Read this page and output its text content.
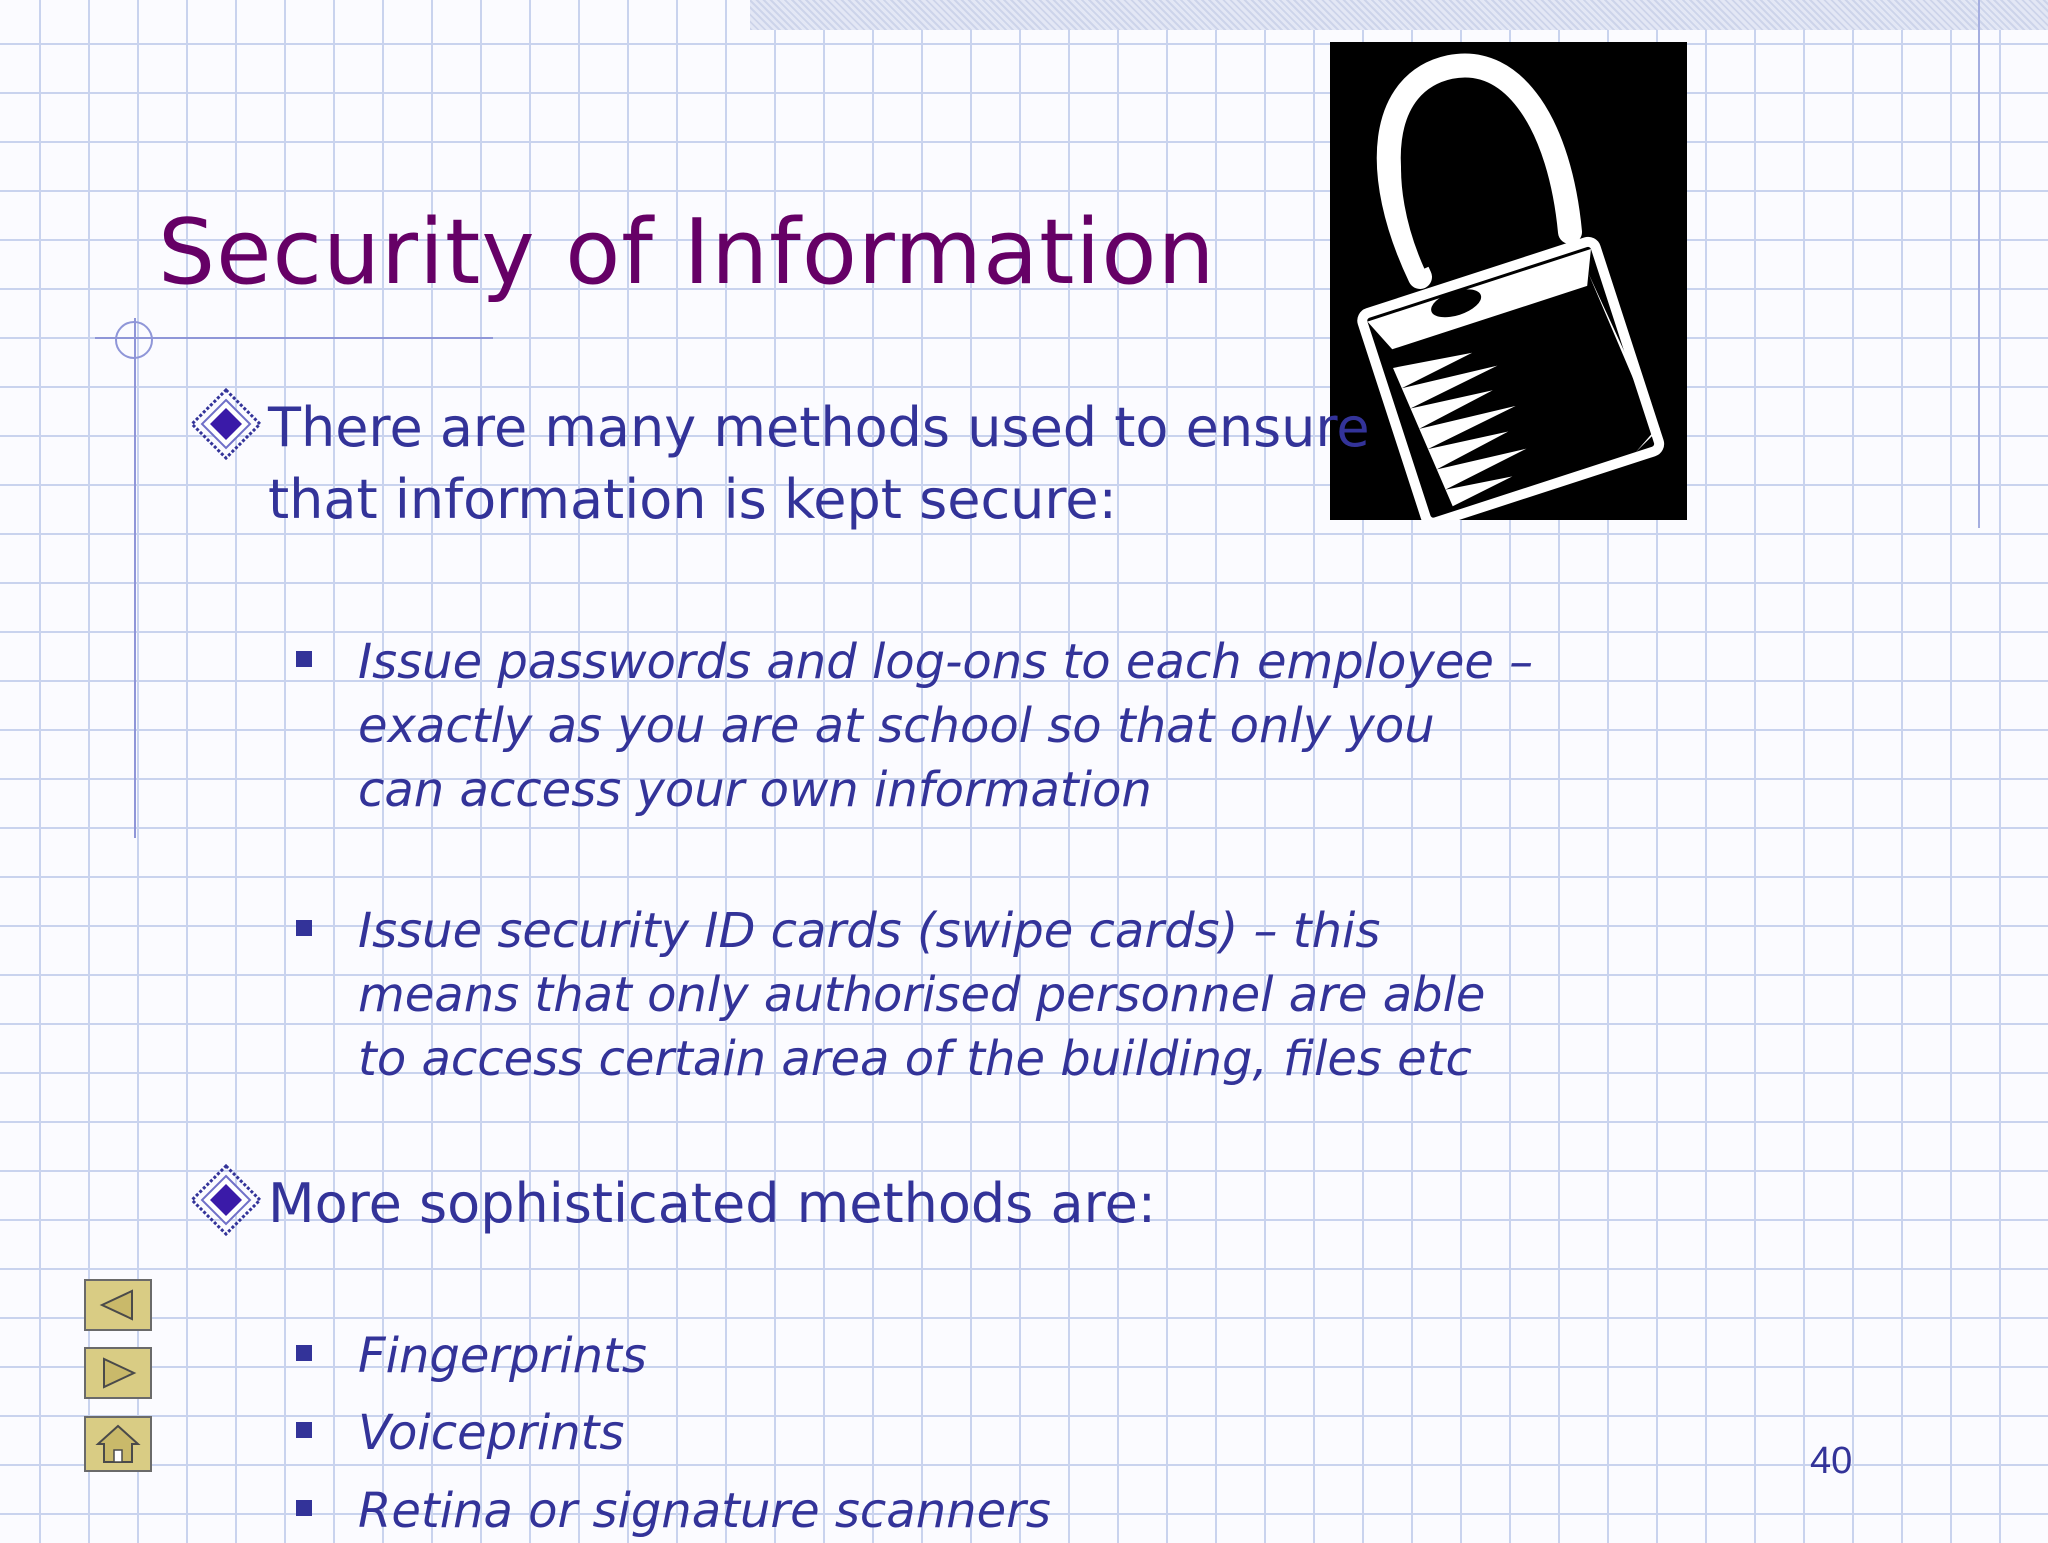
Security of Information
There are many methods used to ensure
that information is kept secure:
Issue passwords and log-ons to each employee –
exactly as you are at school so that only you
can access your own information
Issue security ID cards (swipe cards) – this
means that only authorised personnel are able
to access certain area of the building, files etc
More sophisticated methods are:
Fingerprints
Voiceprints
Retina or signature scanners
40
